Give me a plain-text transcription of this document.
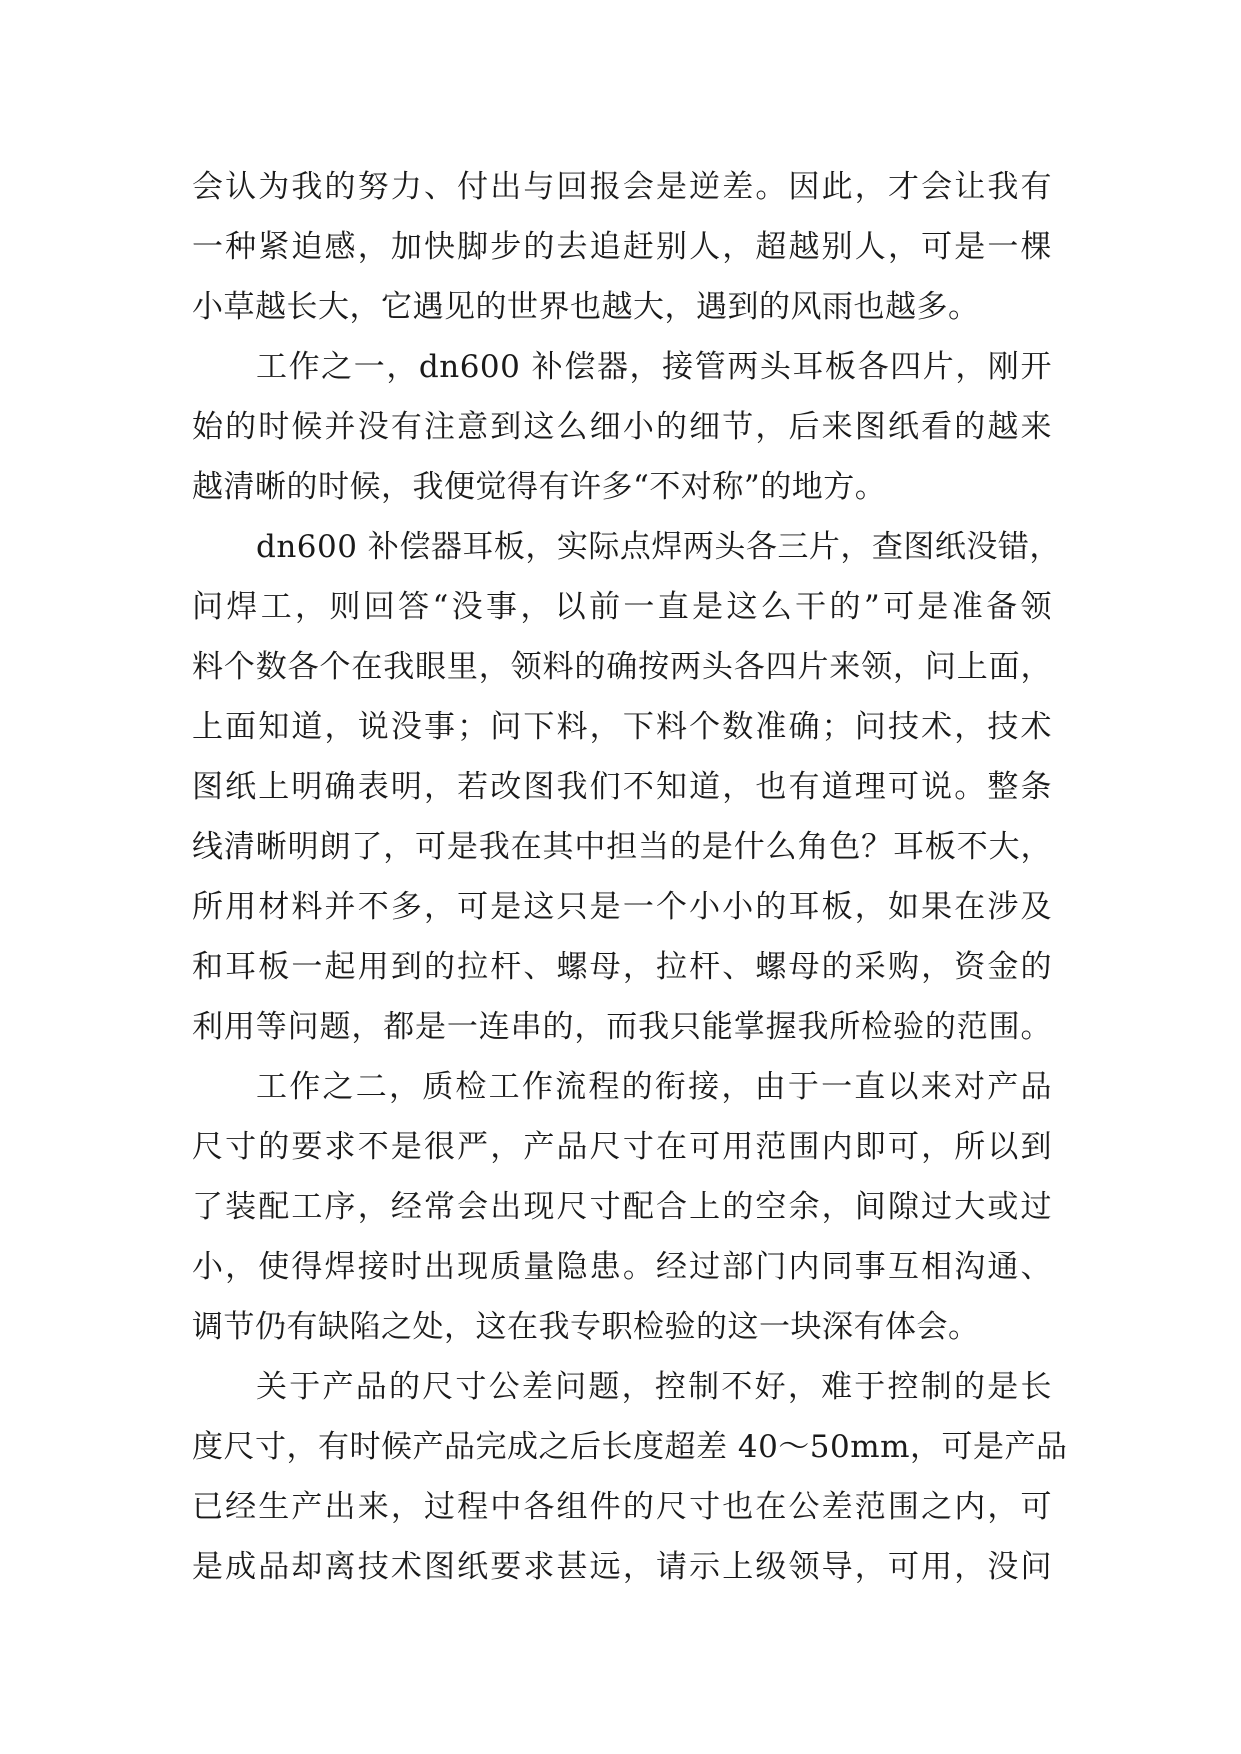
会认为我的努力、付出与回报会是逆差。因此，才会让我有
一种紧迫感，加快脚步的去追赶别人，超越别人，可是一棵
小草越长大，它遇见的世界也越大，遇到的风雨也越多。
工作之一，dn600 补偿器，接管两头耳板各四片，刚开
始的时候并没有注意到这么细小的细节，后来图纸看的越来
越清晰的时候，我便觉得有许多“不对称”的地方。
dn600 补偿器耳板，实际点焊两头各三片，查图纸没错，
问焊工，则回答“没事，以前一直是这么干的”可是准备领
料个数各个在我眼里，领料的确按两头各四片来领，问上面，
上面知道，说没事；问下料，下料个数准确；问技术，技术
图纸上明确表明，若改图我们不知道，也有道理可说。整条
线清晰明朗了，可是我在其中担当的是什么角色？耳板不大，
所用材料并不多，可是这只是一个小小的耳板，如果在涉及
和耳板一起用到的拉杆、螺母，拉杆、螺母的采购，资金的
利用等问题，都是一连串的，而我只能掌握我所检验的范围。
工作之二，质检工作流程的衔接，由于一直以来对产品
尺寸的要求不是很严，产品尺寸在可用范围内即可，所以到
了装配工序，经常会出现尺寸配合上的空余，间隙过大或过
小，使得焊接时出现质量隐患。经过部门内同事互相沟通、
调节仍有缺陷之处，这在我专职检验的这一块深有体会。
关于产品的尺寸公差问题，控制不好，难于控制的是长
度尺寸，有时候产品完成之后长度超差 40～50mm，可是产品
已经生产出来，过程中各组件的尺寸也在公差范围之内，可
是成品却离技术图纸要求甚远，请示上级领导，可用，没问
